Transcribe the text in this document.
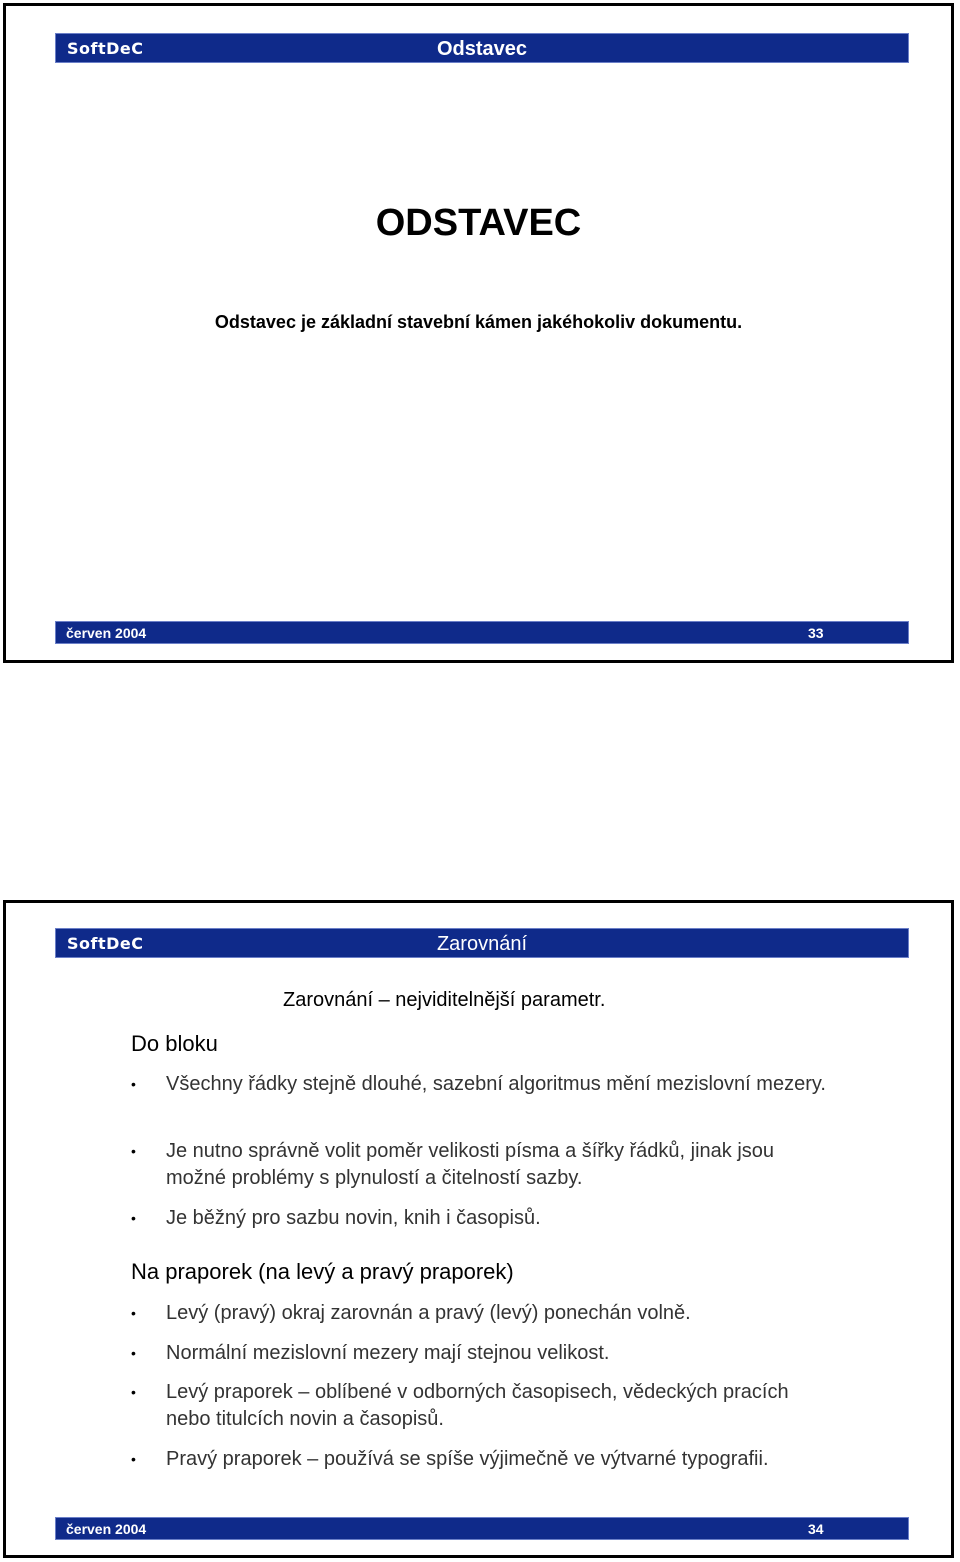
SoftDeC	Odstavec
ODSTAVEC
Odstavec je základní stavební kámen jakéhokoliv dokumentu.
červen 2004	33
SoftDeC	Zarovnání
Zarovnání – nejviditelnější parametr.
Do bloku
• Všechny řádky stejně dlouhé, sazební algoritmus mění mezislovní mezery.
• Je nutno správně volit poměr velikosti písma a šířky řádků, jinak jsou možné problémy s plynulostí a čitelností sazby.
• Je běžný pro sazbu novin, knih i časopisů.
Na praporek (na levý a pravý praporek)
• Levý (pravý) okraj zarovnán a pravý (levý) ponechán volně.
• Normální mezislovní mezery mají stejnou velikost.
• Levý praporek – oblíbené v odborných časopisech, vědeckých pracích nebo titulcích novin a časopisů.
• Pravý praporek – používá se spíše výjimečně ve výtvarné typografii.
červen 2004	34
